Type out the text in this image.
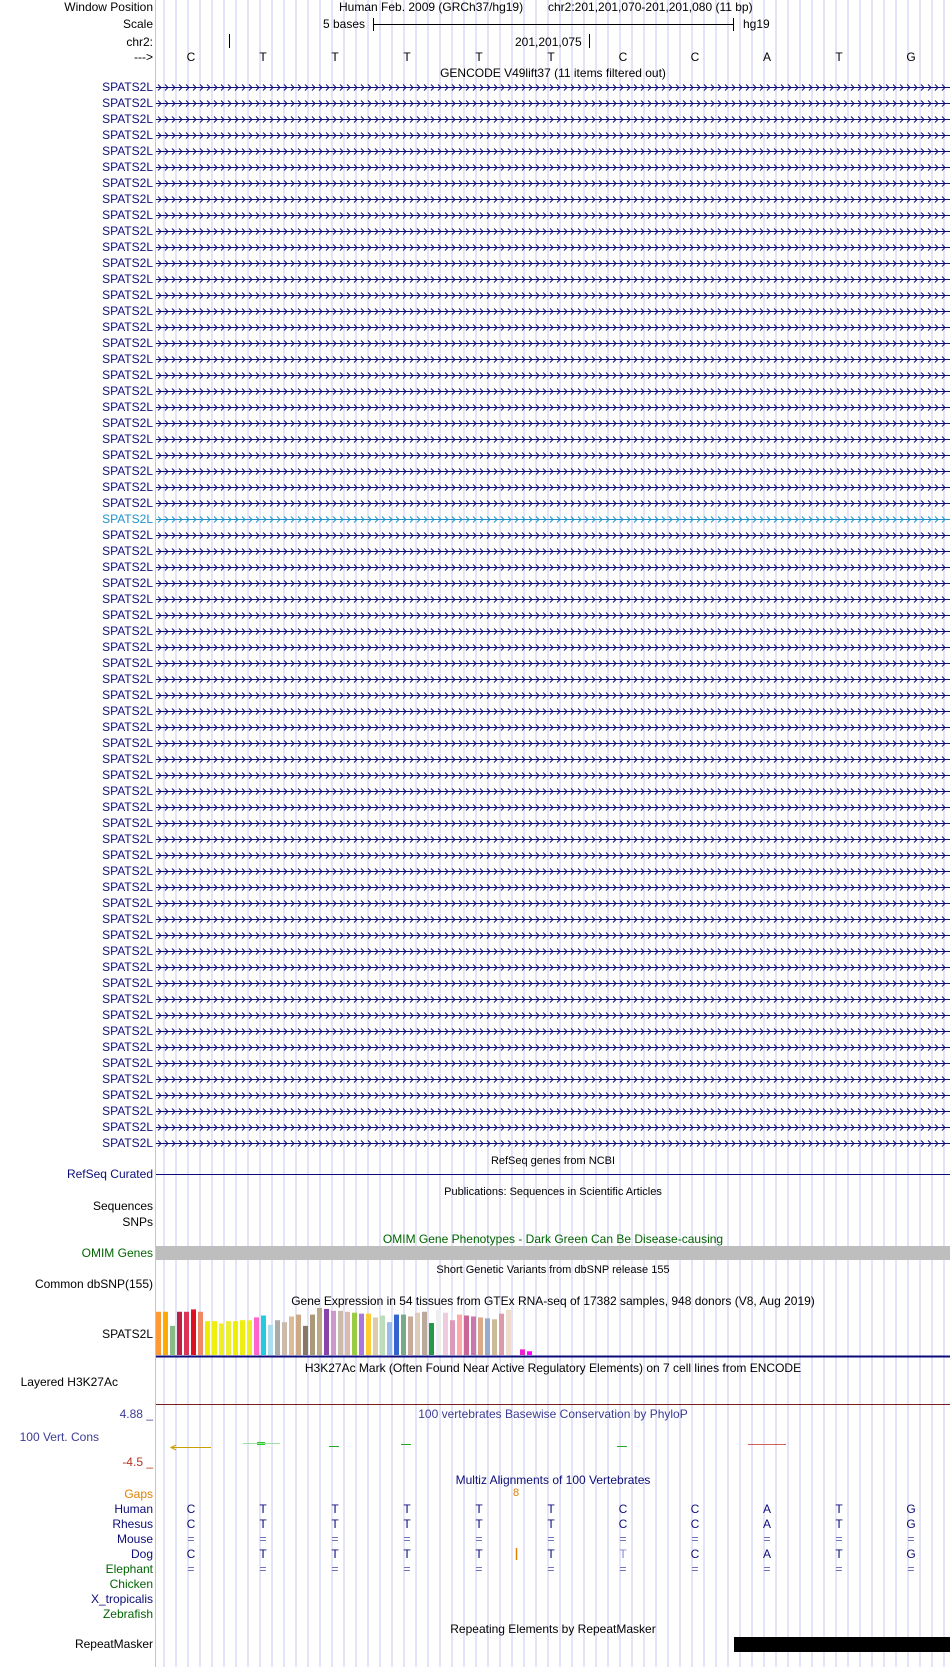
Window Position
Scale
chr2:
--->
Human Feb. 2009 (GRCh37/hg19) chr2:201,201,070-201,201,080 (11 bp)
5 bases	hg19
201,201,075
C	T	T	T	T	T	C	C	A	T	G
GENCODE V49lift37 (11 items filtered out)
SPATS2L
SPATS2L
SPATS2L
SPATS2L
SPATS2L
SPATS2L
SPATS2L
SPATS2L
SPATS2L
SPATS2L
SPATS2L
SPATS2L
SPATS2L
SPATS2L
SPATS2L
SPATS2L
SPATS2L
SPATS2L
SPATS2L
SPATS2L
SPATS2L
SPATS2L
SPATS2L
SPATS2L
SPATS2L
SPATS2L
SPATS2L
SPATS2L
SPATS2L
SPATS2L
SPATS2L
SPATS2L
SPATS2L
SPATS2L
SPATS2L
SPATS2L
SPATS2L
SPATS2L
SPATS2L
SPATS2L
SPATS2L
SPATS2L
SPATS2L
SPATS2L
SPATS2L
SPATS2L
SPATS2L
SPATS2L
SPATS2L
SPATS2L
SPATS2L
SPATS2L
SPATS2L
SPATS2L
SPATS2L
SPATS2L
SPATS2L
SPATS2L
SPATS2L
SPATS2L
SPATS2L
SPATS2L
SPATS2L
SPATS2L
SPATS2L
SPATS2L
SPATS2L
RefSeq genes from NCBI
RefSeq Curated
Publications: Sequences in Scientific Articles
Sequences
SNPs
OMIM Gene Phenotypes - Dark Green Can Be Disease-causing
OMIM Genes
Short Genetic Variants from dbSNP release 155
Common dbSNP(155)
Gene Expression in 54 tissues from GTEx RNA-seq of 17382 samples, 948 donors (V8, Aug 2019)
SPATS2L
H3K27Ac Mark (Often Found Near Active Regulatory Elements) on 7 cell lines from ENCODE
Layered H3K27Ac
100 vertebrates Basewise Conservation by PhyloP
4.88 _
100 Vert. Cons
-4.5 _
Multiz Alignments of 100 Vertebrates
Gaps	8
Human	C	T	T	T	T	T	C	C	A	T	G
Rhesus	C	T	T	T	T	T	C	C	A	T	G
Mouse	=	=	=	=	=	=	=	=	=	=	=
Dog	C	T	T	T	T	T	T	C	A	T	G
Elephant	=	=	=	=	=	=	=	=	=	=	=
Chicken
X_tropicalis
Zebrafish
Repeating Elements by RepeatMasker
RepeatMasker
